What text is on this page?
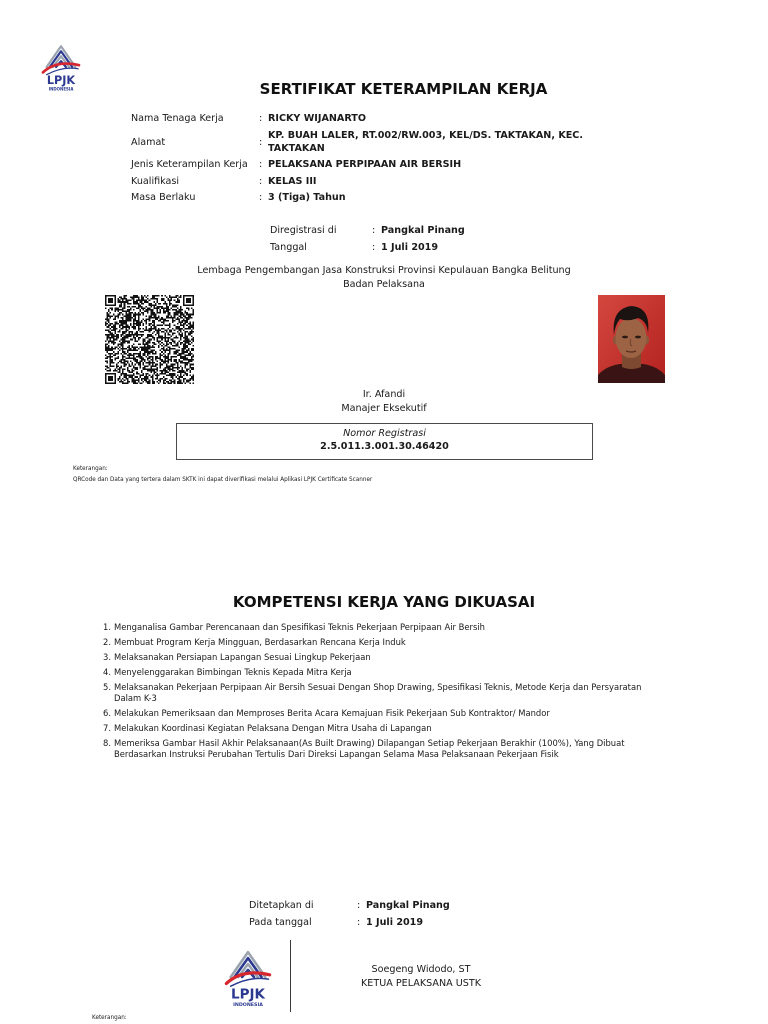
LPJK
INDONESIA	SERTIFIKAT KETERAMPILAN KERJA
Nama Tenaga Kerja	: RICKY WIJANARTO
Alamat	:
KP. BUAH LALER, RT.002/RW.003, KEL/DS. TAKTAKAN, KEC. TAKTAKAN
Jenis Keterampilan Kerja	: PELAKSANA PERPIPAAN AIR BERSIH
Kualifikasi	: KELAS III
Masa Berlaku	: 3 (Tiga) Tahun
Diregistrasi di	: Pangkal Pinang
Tanggal	: 1 Juli 2019
Lembaga Pengembangan Jasa Konstruksi Provinsi Kepulauan Bangka Belitung
Badan Pelaksana
Ir. Afandi
Manajer Eksekutif
Nomor Registrasi
2.5.011.3.001.30.46420
Keterangan:
QRCode dan Data yang tertera dalam SKTK ini dapat diverifikasi melalui Aplikasi LPJK Certificate Scanner
KOMPETENSI KERJA YANG DIKUASAI
1. Menganalisa Gambar Perencanaan dan Spesifikasi Teknis Pekerjaan Perpipaan Air Bersih
2. Membuat Program Kerja Mingguan, Berdasarkan Rencana Kerja Induk
3. Melaksanakan Persiapan Lapangan Sesuai Lingkup Pekerjaan
4. Menyelenggarakan Bimbingan Teknis Kepada Mitra Kerja
5. Melaksanakan Pekerjaan Perpipaan Air Bersih Sesuai Dengan Shop Drawing, Spesifikasi Teknis, Metode Kerja dan Persyaratan Dalam K-3
6. Melakukan Pemeriksaan dan Memproses Berita Acara Kemajuan Fisik Pekerjaan Sub Kontraktor/ Mandor
7. Melakukan Koordinasi Kegiatan Pelaksana Dengan Mitra Usaha di Lapangan
8. Memeriksa Gambar Hasil Akhir Pelaksanaan(As Built Drawing) Dilapangan Setiap Pekerjaan Berakhir (100%), Yang Dibuat Berdasarkan Instruksi Perubahan Tertulis Dari Direksi Lapangan Selama Masa Pelaksanaan Pekerjaan Fisik
Ditetapkan di	: Pangkal Pinang
Pada tanggal	: 1 Juli 2019
LPJK
INDONESIA
Soegeng Widodo, ST
KETUA PELAKSANA USTK
Keterangan:
